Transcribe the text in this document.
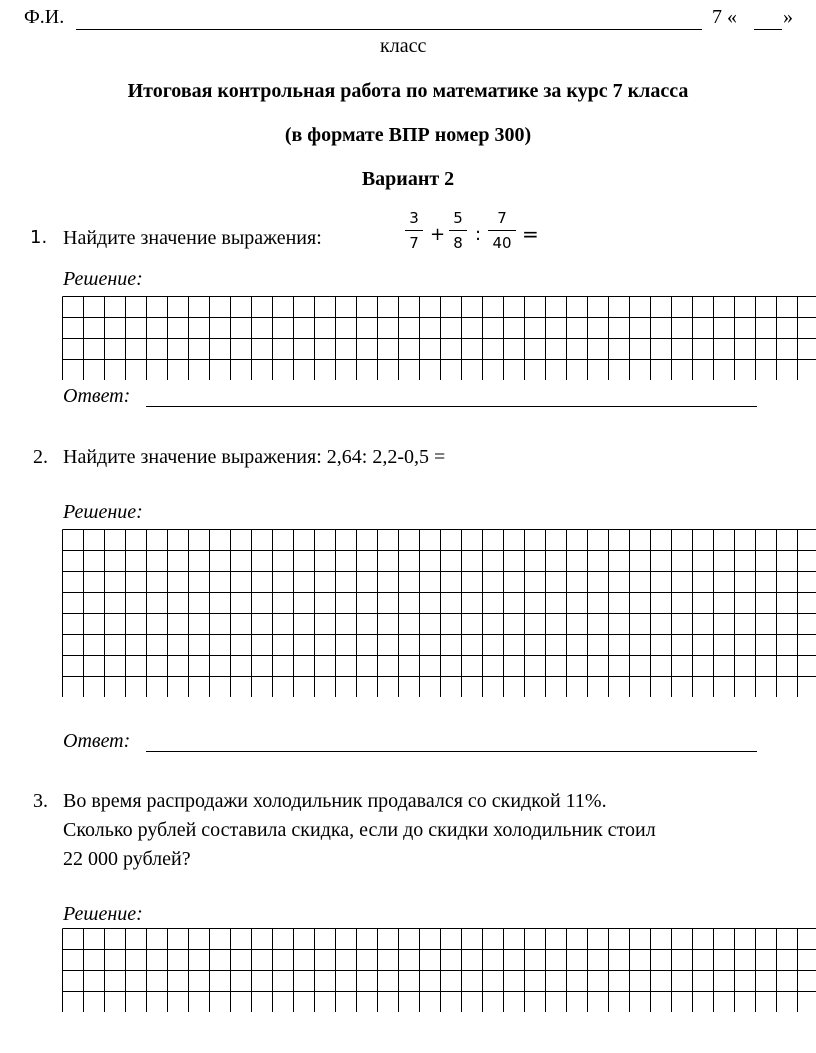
Ф.И.	7 « »
класс
Итоговая контрольная работа по математике за курс 7 класса
(в формате ВПР номер 300)
Вариант 2
1. Найдите значение выражения:
3
7 +
5
8 :
7
40 =
Решение:
Ответ:
2. Найдите значение выражения: 2,64: 2,2-0,5 =
Решение:
Ответ:
3. Во время распродажи холодильник продавался со скидкой 11%.
Сколько рублей составила скидка, если до скидки холодильник стоил
22 000 рублей?
Решение:
